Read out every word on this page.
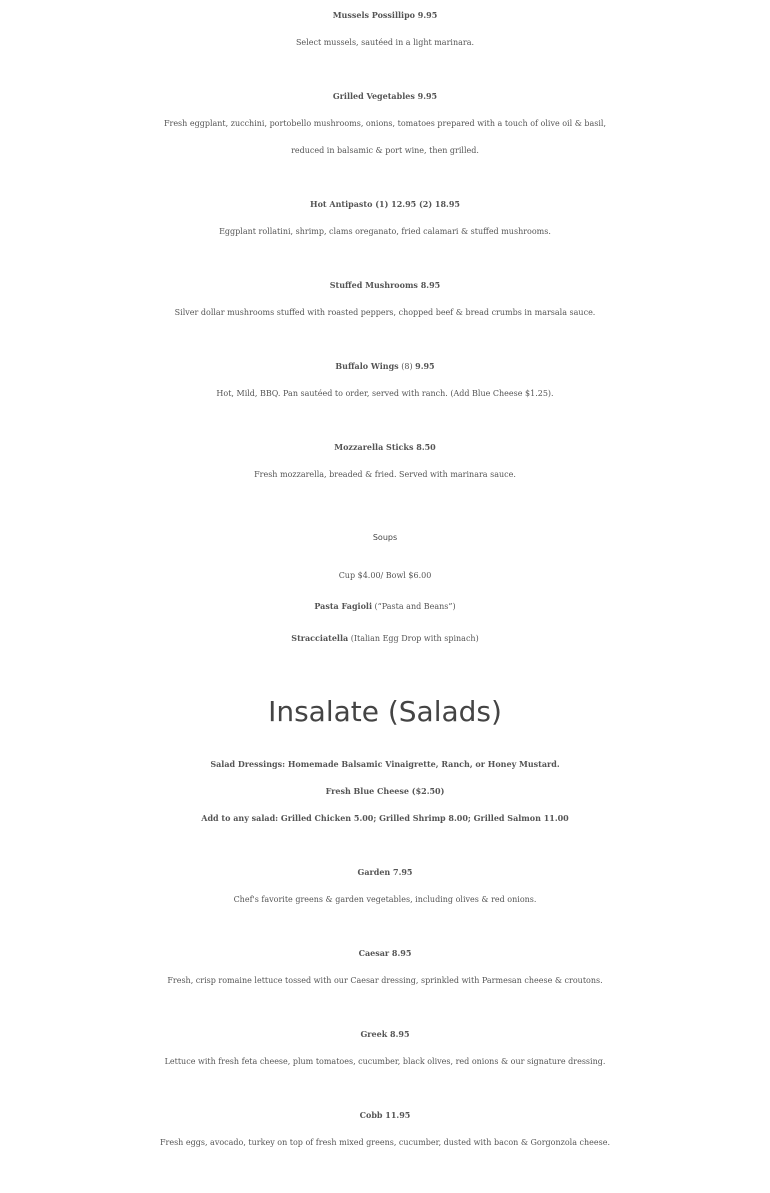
Mussels Possillipo 9.95
Select mussels, sautéed in a light marinara.
Grilled Vegetables 9.95
Fresh eggplant, zucchini, portobello mushrooms, onions, tomatoes prepared with a touch of olive oil & basil,
reduced in balsamic & port wine, then grilled.
Hot Antipasto (1) 12.95 (2) 18.95
Eggplant rollatini, shrimp, clams oreganato, fried calamari & stuffed mushrooms.
Stuffed Mushrooms 8.95
Silver dollar mushrooms stuffed with roasted peppers, chopped beef & bread crumbs in marsala sauce.
Buffalo Wings (8) 9.95
Hot, Mild, BBQ. Pan sautéed to order, served with ranch. (Add Blue Cheese $1.25).
Mozzarella Sticks 8.50
Fresh mozzarella, breaded & fried. Served with marinara sauce.
Soups
Cup $4.00/ Bowl $6.00
Pasta Fagioli (“Pasta and Beans”)
Stracciatella (Italian Egg Drop with spinach)
Insalate (Salads)
Salad Dressings: Homemade Balsamic Vinaigrette, Ranch, or Honey Mustard.
Fresh Blue Cheese ($2.50)
Add to any salad: Grilled Chicken 5.00; Grilled Shrimp 8.00; Grilled Salmon 11.00
Garden 7.95
Chef's favorite greens & garden vegetables, including olives & red onions.
Caesar 8.95
Fresh, crisp romaine lettuce tossed with our Caesar dressing, sprinkled with Parmesan cheese & croutons.
Greek 8.95
Lettuce with fresh feta cheese, plum tomatoes, cucumber, black olives, red onions & our signature dressing.
Cobb 11.95
Fresh eggs, avocado, turkey on top of fresh mixed greens, cucumber, dusted with bacon & Gorgonzola cheese.
